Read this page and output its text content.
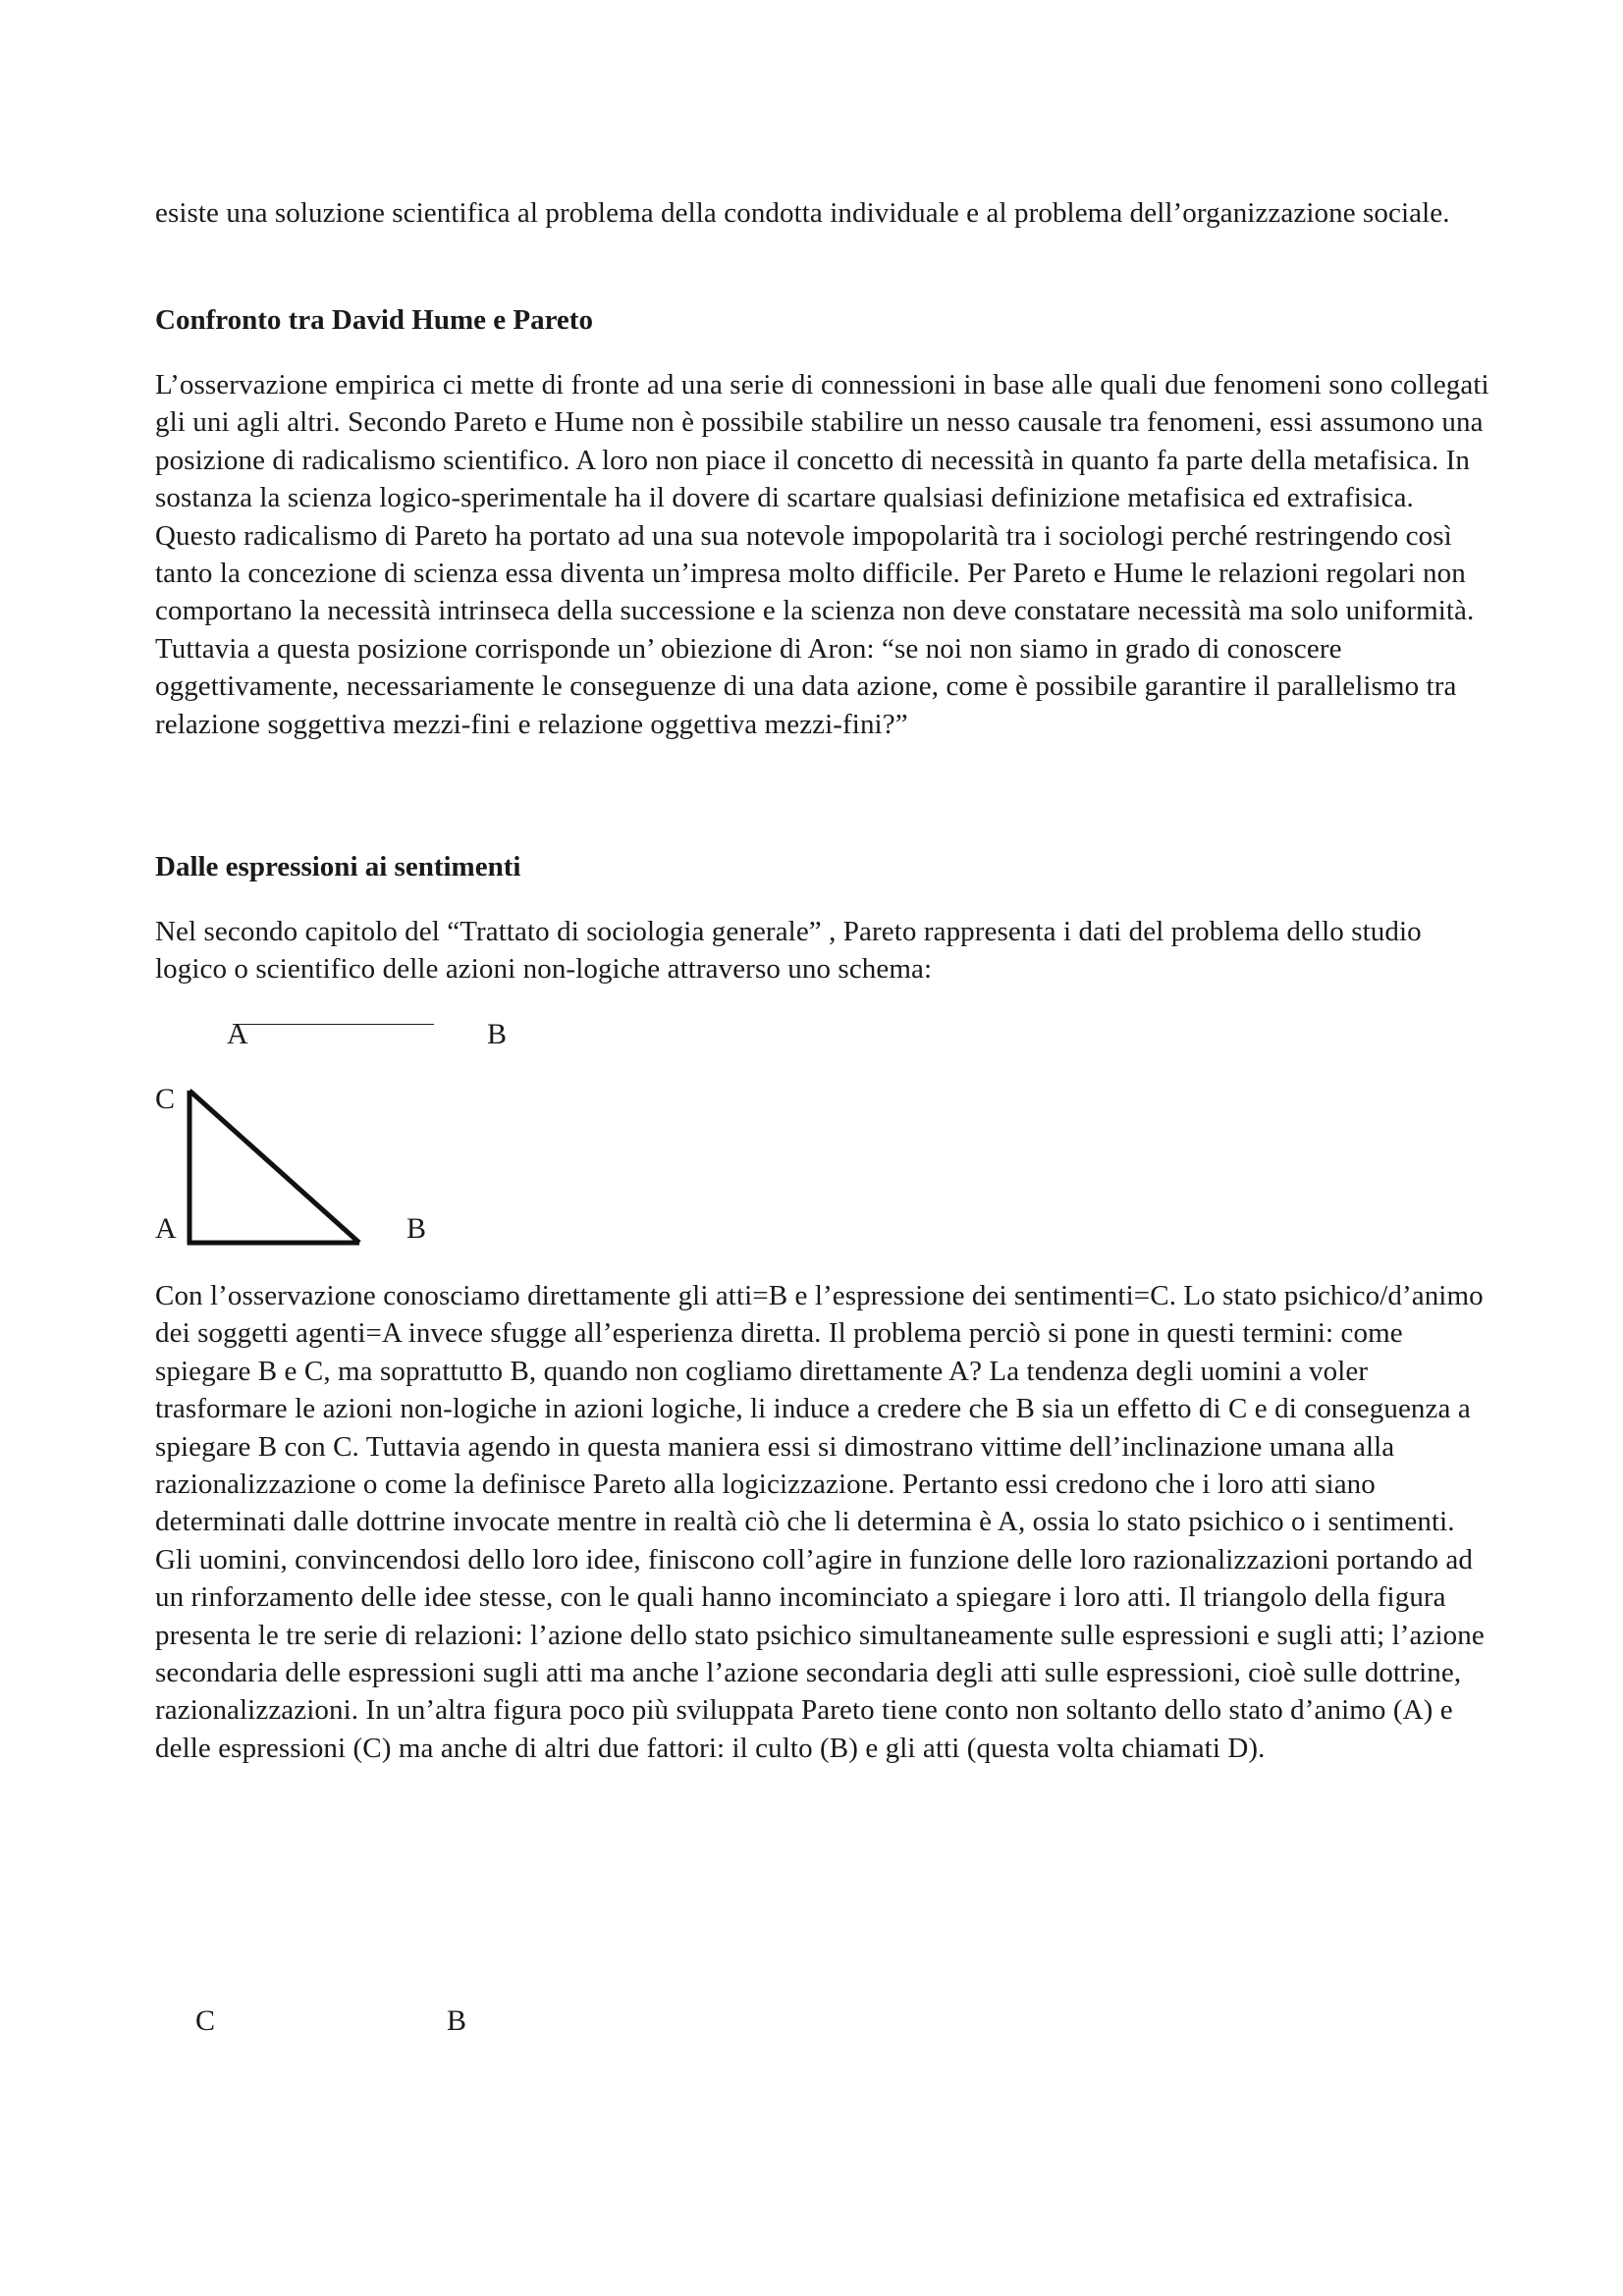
esiste una soluzione scientifica al problema della condotta individuale e al problema dell’organizzazione sociale.

Confronto tra David Hume e Pareto

L’osservazione empirica ci mette di fronte ad una serie di connessioni in base alle quali due fenomeni sono collegati gli uni agli altri. Secondo Pareto e Hume non è possibile stabilire un nesso causale tra fenomeni, essi assumono una posizione di radicalismo scientifico. A loro non piace il concetto di necessità in quanto fa parte della metafisica. In sostanza la scienza logico-sperimentale ha il dovere di scartare qualsiasi definizione metafisica ed extrafisica. Questo radicalismo di Pareto ha portato ad una sua notevole impopolarità tra i sociologi perché restringendo così tanto la concezione di scienza essa diventa un’impresa molto difficile. Per Pareto e Hume le relazioni regolari non comportano la necessità intrinseca della successione e la scienza non deve constatare necessità ma solo uniformità. Tuttavia a questa posizione corrisponde un’ obiezione di Aron: “se noi non siamo in grado di conoscere oggettivamente, necessariamente le conseguenze di una data azione, come è possibile garantire il parallelismo tra relazione soggettiva mezzi-fini e relazione oggettiva mezzi-fini?”

Dalle espressioni ai sentimenti

Nel secondo capitolo del “Trattato di sociologia generale” , Pareto rappresenta i dati del problema dello studio logico o scientifico delle azioni non-logiche attraverso uno schema:

A	B
C
A	B

Con l’osservazione conosciamo direttamente gli atti=B e l’espressione dei sentimenti=C. Lo stato psichico/d’animo dei soggetti agenti=A invece sfugge all’esperienza diretta. Il problema perciò si pone in questi termini: come spiegare B e C, ma soprattutto B, quando non cogliamo direttamente A? La tendenza degli uomini a voler trasformare le azioni non-logiche in azioni logiche, li induce a credere che B sia un effetto di C e di conseguenza a spiegare B con C. Tuttavia agendo in questa maniera essi si dimostrano vittime dell’inclinazione umana alla razionalizzazione o come la definisce Pareto alla logicizzazione. Pertanto essi credono che i loro atti siano determinati dalle dottrine invocate mentre in realtà ciò che li determina è A, ossia lo stato psichico o i sentimenti. Gli uomini, convincendosi dello loro idee, finiscono coll’agire in funzione delle loro razionalizzazioni portando ad un rinforzamento delle idee stesse, con le quali hanno incominciato a spiegare i loro atti. Il triangolo della figura presenta le tre serie di relazioni: l’azione dello stato psichico simultaneamente sulle espressioni e sugli atti; l’azione secondaria delle espressioni sugli atti ma anche l’azione secondaria degli atti sulle espressioni, cioè sulle dottrine, razionalizzazioni. In un’altra figura poco più sviluppata Pareto tiene conto non soltanto dello stato d’animo (A) e delle espressioni (C) ma anche di altri due fattori: il culto (B) e gli atti (questa volta chiamati D).

C	B
